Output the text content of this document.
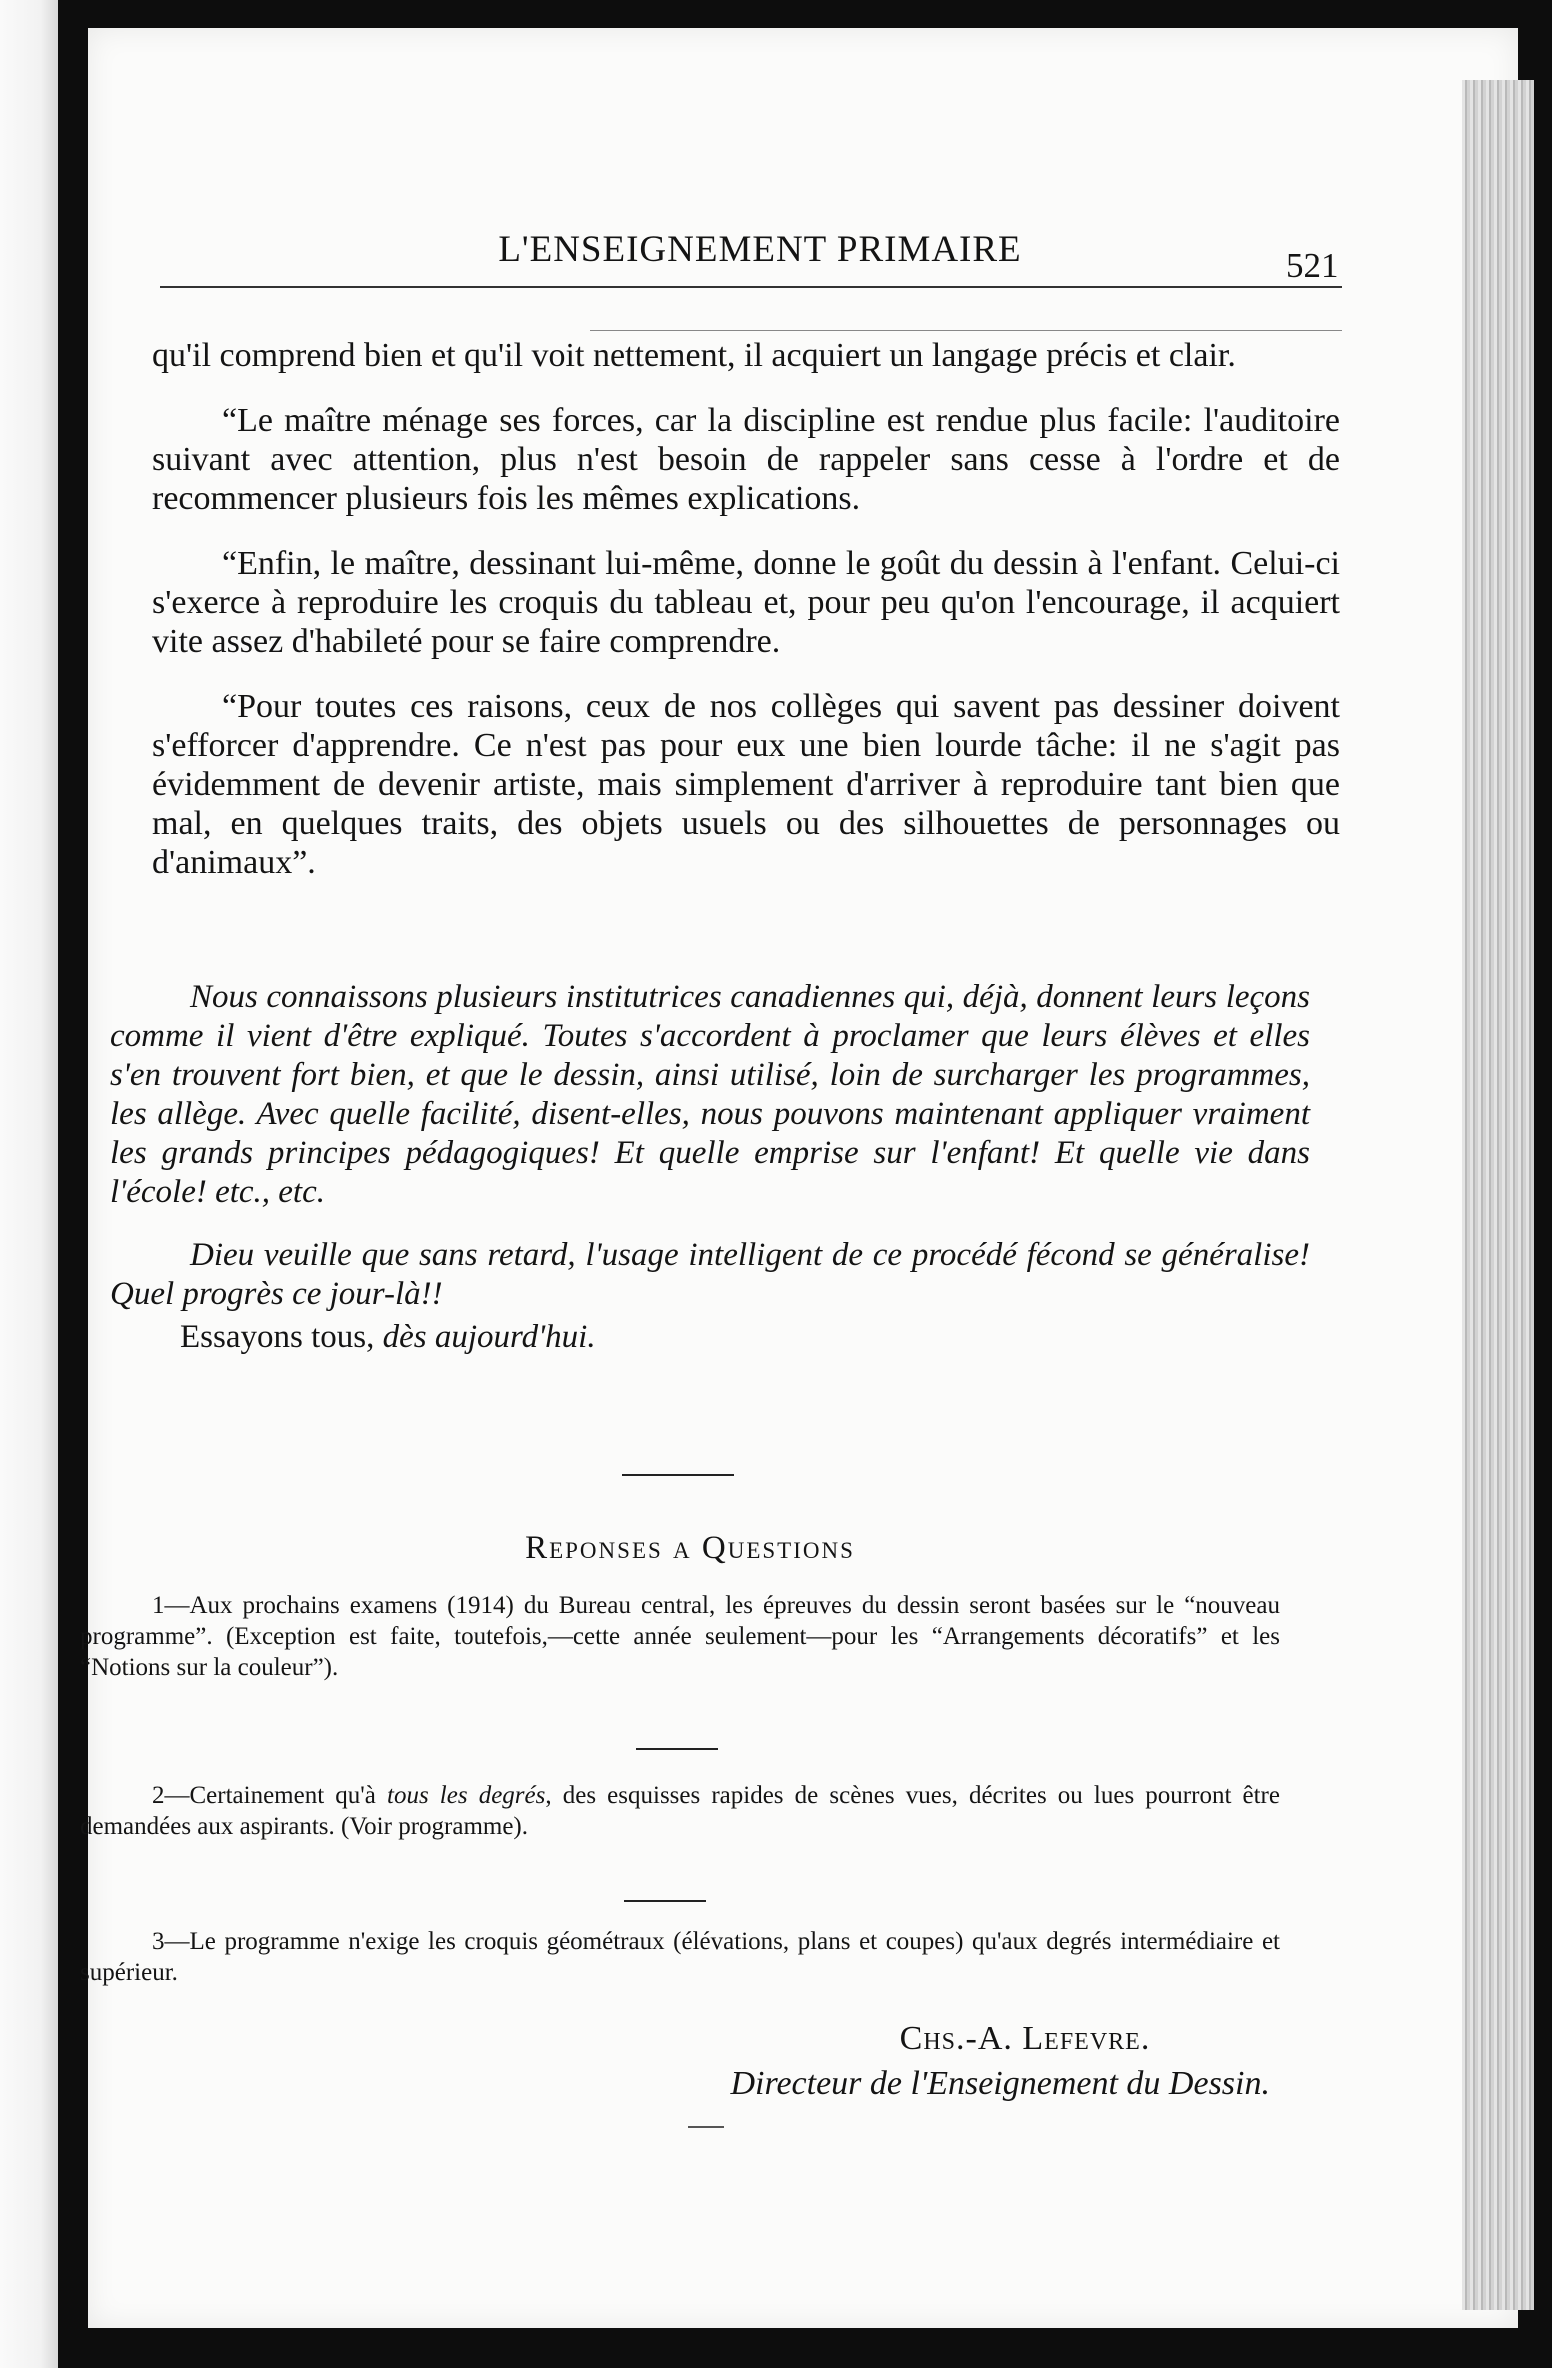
L'ENSEIGNEMENT PRIMAIRE	521

qu'il comprend bien et qu'il voit nettement, il acquiert un langage précis et clair.

“Le maître ménage ses forces, car la discipline est rendue plus facile: l'auditoire suivant avec attention, plus n'est besoin de rappeler sans cesse à l'ordre et de recommencer plusieurs fois les mêmes explications.

“Enfin, le maître, dessinant lui-même, donne le goût du dessin à l'enfant. Celui-ci s'exerce à reproduire les croquis du tableau et, pour peu qu'on l'encourage, il acquiert vite assez d'habileté pour se faire comprendre.

“Pour toutes ces raisons, ceux de nos collèges qui savent pas dessiner doivent s'efforcer d'apprendre. Ce n'est pas pour eux une bien lourde tâche: il ne s'agit pas évidemment de devenir artiste, mais simplement d'arriver à reproduire tant bien que mal, en quelques traits, des objets usuels ou des silhouettes de personnages ou d'animaux”.

Nous connaissons plusieurs institutrices canadiennes qui, déjà, donnent leurs leçons comme il vient d'être expliqué. Toutes s'accordent à proclamer que leurs élèves et elles s'en trouvent fort bien, et que le dessin, ainsi utilisé, loin de surcharger les programmes, les allège. Avec quelle facilité, disent-elles, nous pouvons maintenant appliquer vraiment les grands principes pédagogiques! Et quelle emprise sur l'enfant! Et quelle vie dans l'école! etc., etc.

Dieu veuille que sans retard, l'usage intelligent de ce procédé fécond se généralise! Quel progrès ce jour-là!!

Essayons tous, dès aujourd'hui.

Reponses a Questions

1—Aux prochains examens (1914) du Bureau central, les épreuves du dessin seront basées sur le “nouveau programme”. (Exception est faite, toutefois,—cette année seulement—pour les “Arrangements décoratifs” et les “Notions sur la couleur”).

2—Certainement qu'à tous les degrés, des esquisses rapides de scènes vues, décrites ou lues pourront être demandées aux aspirants. (Voir programme).

3—Le programme n'exige les croquis géométraux (élévations, plans et coupes) qu'aux degrés intermédiaire et supérieur.

Chs.-A. Lefevre.
Directeur de l'Enseignement du Dessin.
